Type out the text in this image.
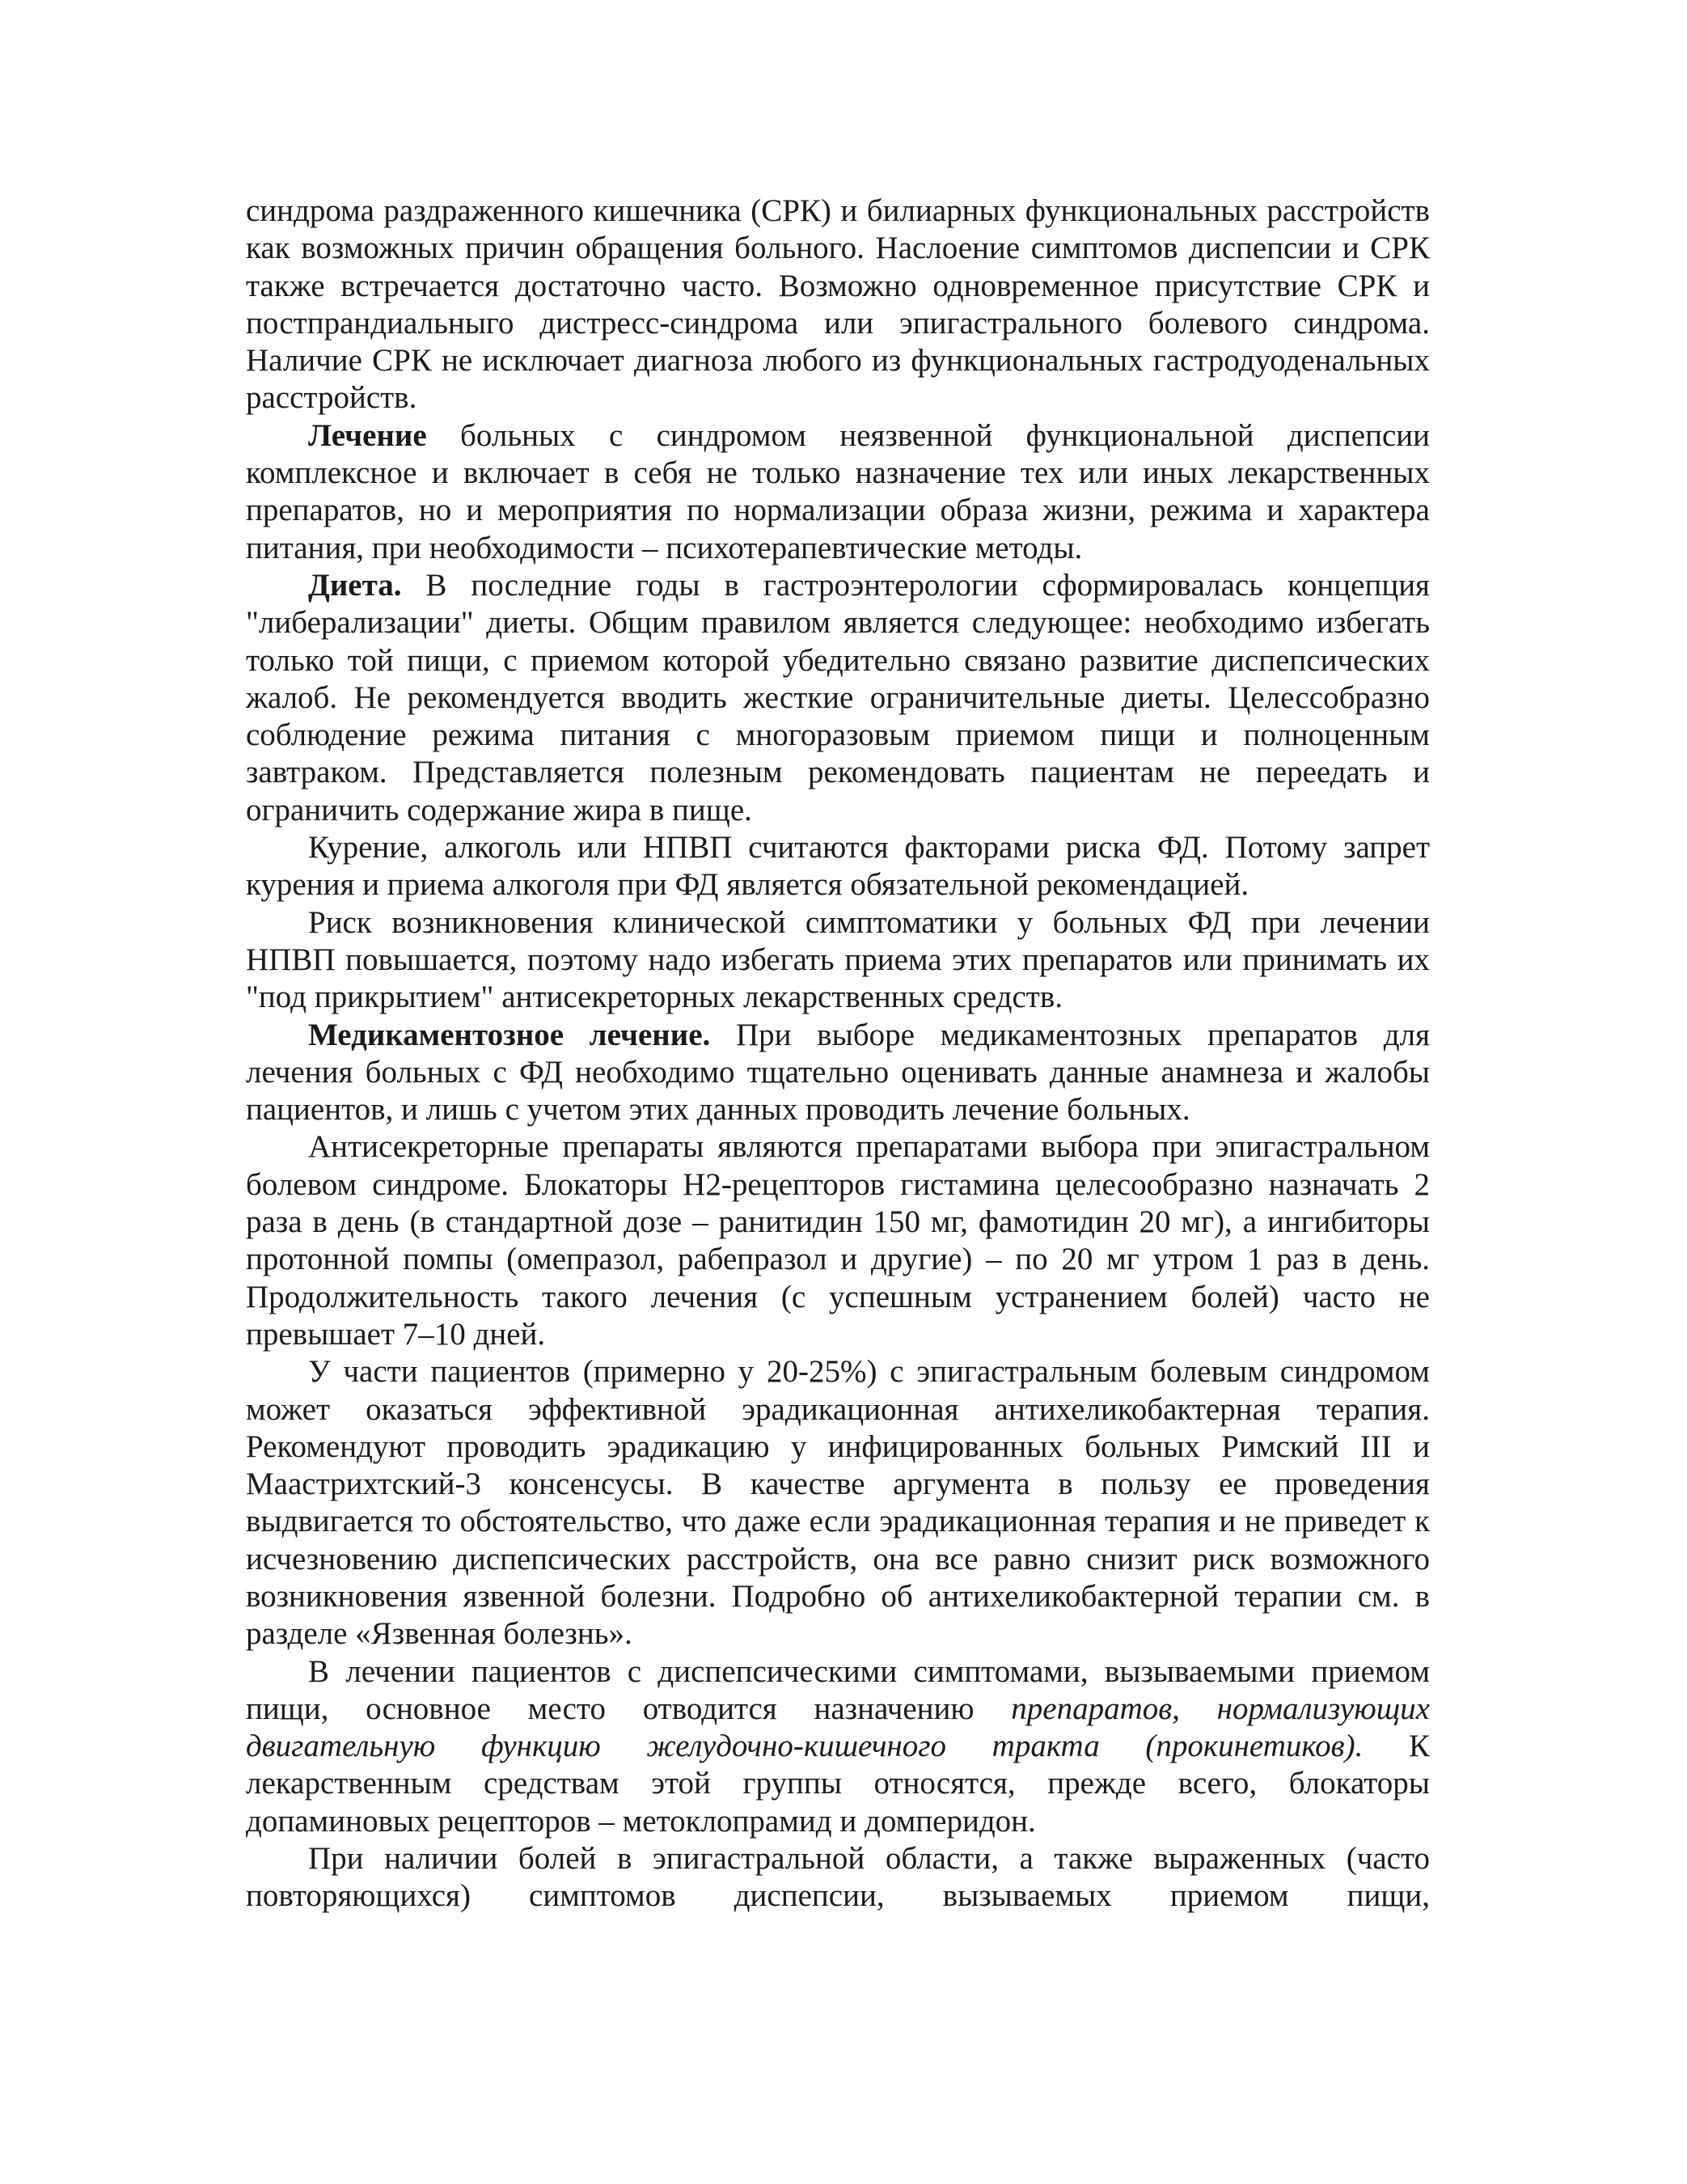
синдрома раздраженного кишечника (СРК) и билиарных функциональных расстройств как возможных причин обращения больного. Наслоение симптомов диспепсии и СРК также встречается достаточно часто. Возможно одновременное присутствие СРК и постпрандиальныго дистресс-синдрома или эпигастрального болевого синдрома. Наличие СРК не исключает диагноза любого из функциональных гастродуоденальных расстройств.

Лечение больных с синдромом неязвенной функциональной диспепсии комплексное и включает в себя не только назначение тех или иных лекарственных препаратов, но и мероприятия по нормализации образа жизни, режима и характера питания, при необходимости – психотерапевтические методы.

Диета. В последние годы в гастроэнтерологии сформировалась концепция "либерализации" диеты. Общим правилом является следующее: необходимо избегать только той пищи, с приемом которой убедительно связано развитие диспепсических жалоб. Не рекомендуется вводить жесткие ограничительные диеты. Целессобразно соблюдение режима питания с многоразовым приемом пищи и полноценным завтраком. Представляется полезным рекомендовать пациентам не переедать и ограничить содержание жира в пище.

Курение, алкоголь или НПВП считаются факторами риска ФД. Потому запрет курения и приема алкоголя при ФД является обязательной рекомендацией.

Риск возникновения клинической симптоматики у больных ФД при лечении НПВП повышается, поэтому надо избегать приема этих препаратов или принимать их "под прикрытием" антисекреторных лекарственных средств.

Медикаментозное лечение. При выборе медикаментозных препаратов для лечения больных с ФД необходимо тщательно оценивать данные анамнеза и жалобы пациентов, и лишь с учетом этих данных проводить лечение больных.

Антисекреторные препараты являются препаратами выбора при эпигастральном болевом синдроме. Блокаторы Н2-рецепторов гистамина целесообразно назначать 2 раза в день (в стандартной дозе – ранитидин 150 мг, фамотидин 20 мг), а ингибиторы протонной помпы (омепразол, рабепразол и другие) – по 20 мг утром 1 раз в день. Продолжительность такого лечения (с успешным устранением болей) часто не превышает 7–10 дней.

У части пациентов (примерно у 20-25%) с эпигастральным болевым синдромом может оказаться эффективной эрадикационная антихеликобактерная терапия. Рекомендуют проводить эрадикацию у инфицированных больных Римский III и Маастрихтский-3 консенсусы. В качестве аргумента в пользу ее проведения выдвигается то обстоятельство, что даже если эрадикационная терапия и не приведет к исчезновению диспепсических расстройств, она все равно снизит риск возможного возникновения язвенной болезни. Подробно об антихеликобактерной терапии см. в разделе «Язвенная болезнь».

В лечении пациентов с диспепсическими симптомами, вызываемыми приемом пищи, основное место отводится назначению препаратов, нормализующих двигательную функцию желудочно-кишечного тракта (прокинетиков). К лекарственным средствам этой группы относятся, прежде всего, блокаторы допаминовых рецепторов – метоклопрамид и домперидон.

При наличии болей в эпигастральной области, а также выраженных (часто повторяющихся) симптомов диспепсии, вызываемых приемом пищи,
